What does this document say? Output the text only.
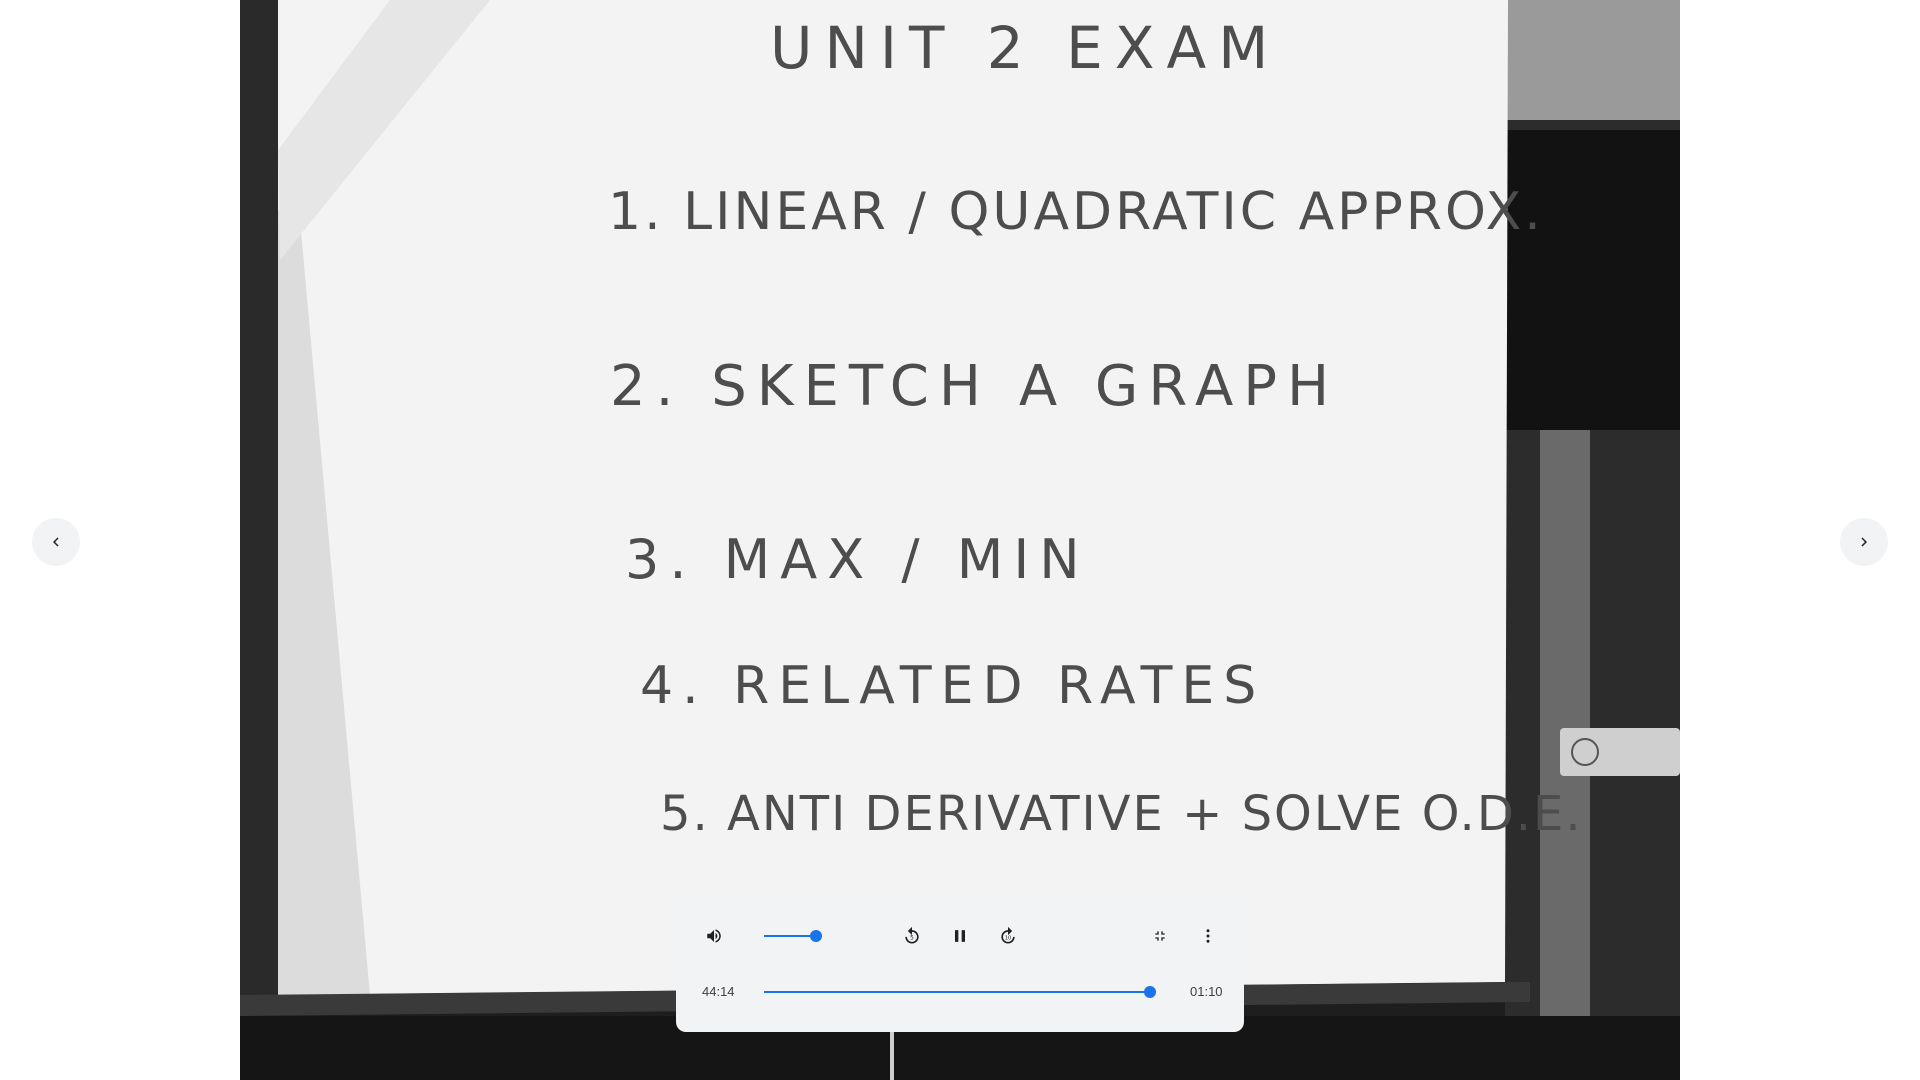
UNIT 2 EXAM
1. LINEAR / QUADRATIC APPROX.
2. SKETCH A GRAPH
3. MAX / MIN
4. RELATED RATES
5. ANTI DERIVATIVE + SOLVE O.D.E.
5	10
44:14	01:10
